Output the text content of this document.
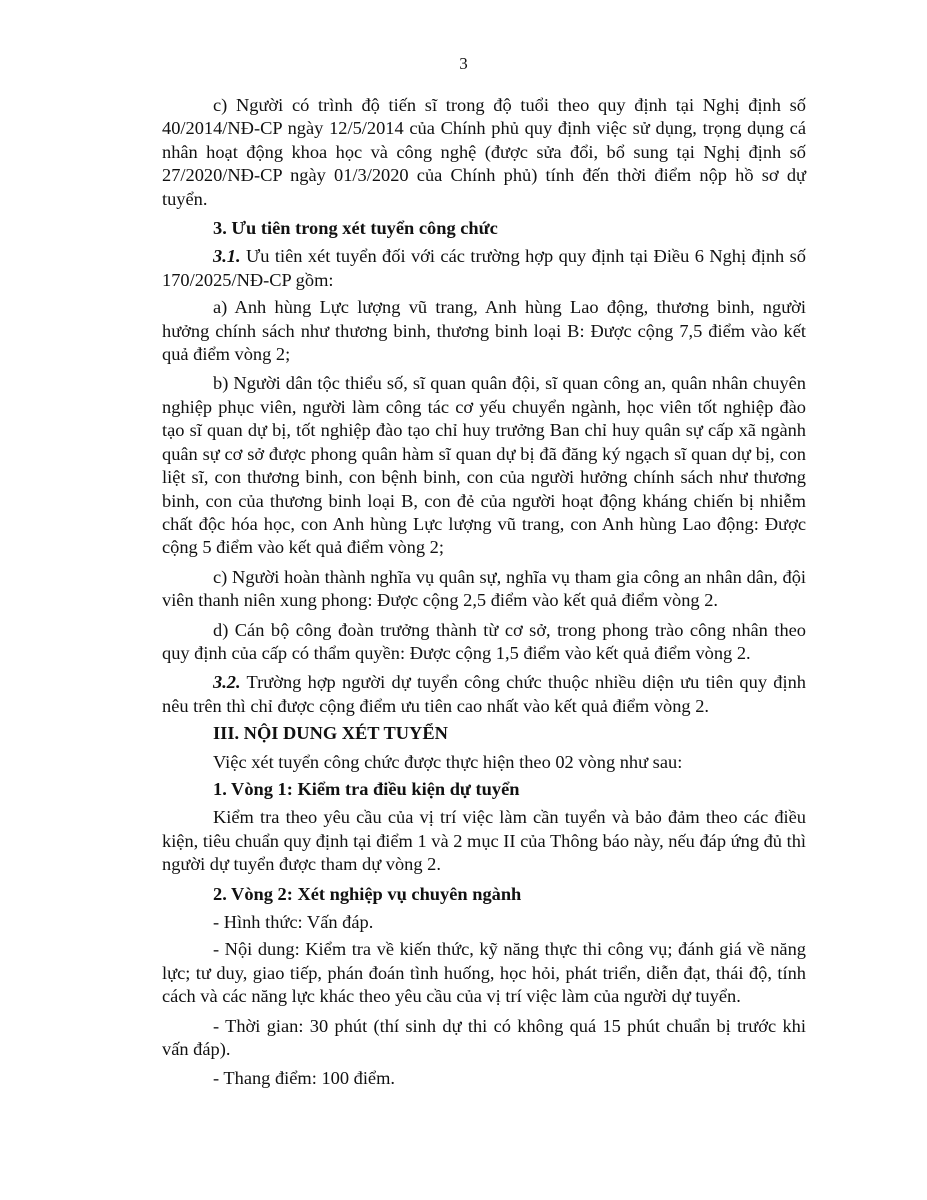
3

c) Người có trình độ tiến sĩ trong độ tuổi theo quy định tại Nghị định số 40/2014/NĐ-CP ngày 12/5/2014 của Chính phủ quy định việc sử dụng, trọng dụng cá nhân hoạt động khoa học và công nghệ (được sửa đổi, bổ sung tại Nghị định số 27/2020/NĐ-CP ngày 01/3/2020 của Chính phủ) tính đến thời điểm nộp hồ sơ dự tuyển.

3. Ưu tiên trong xét tuyển công chức

3.1. Ưu tiên xét tuyển đối với các trường hợp quy định tại Điều 6 Nghị định số 170/2025/NĐ-CP gồm:

a) Anh hùng Lực lượng vũ trang, Anh hùng Lao động, thương binh, người hưởng chính sách như thương binh, thương binh loại B: Được cộng 7,5 điểm vào kết quả điểm vòng 2;

b) Người dân tộc thiểu số, sĩ quan quân đội, sĩ quan công an, quân nhân chuyên nghiệp phục viên, người làm công tác cơ yếu chuyển ngành, học viên tốt nghiệp đào tạo sĩ quan dự bị, tốt nghiệp đào tạo chỉ huy trưởng Ban chỉ huy quân sự cấp xã ngành quân sự cơ sở được phong quân hàm sĩ quan dự bị đã đăng ký ngạch sĩ quan dự bị, con liệt sĩ, con thương binh, con bệnh binh, con của người hưởng chính sách như thương binh, con của thương binh loại B, con đẻ của người hoạt động kháng chiến bị nhiễm chất độc hóa học, con Anh hùng Lực lượng vũ trang, con Anh hùng Lao động: Được cộng 5 điểm vào kết quả điểm vòng 2;

c) Người hoàn thành nghĩa vụ quân sự, nghĩa vụ tham gia công an nhân dân, đội viên thanh niên xung phong: Được cộng 2,5 điểm vào kết quả điểm vòng 2.

d) Cán bộ công đoàn trưởng thành từ cơ sở, trong phong trào công nhân theo quy định của cấp có thẩm quyền: Được cộng 1,5 điểm vào kết quả điểm vòng 2.

3.2. Trường hợp người dự tuyển công chức thuộc nhiều diện ưu tiên quy định nêu trên thì chỉ được cộng điểm ưu tiên cao nhất vào kết quả điểm vòng 2.

III. NỘI DUNG XÉT TUYỂN

Việc xét tuyển công chức được thực hiện theo 02 vòng như sau:

1. Vòng 1: Kiểm tra điều kiện dự tuyển

Kiểm tra theo yêu cầu của vị trí việc làm cần tuyển và bảo đảm theo các điều kiện, tiêu chuẩn quy định tại điểm 1 và 2 mục II của Thông báo này, nếu đáp ứng đủ thì người dự tuyển được tham dự vòng 2.

2. Vòng 2: Xét nghiệp vụ chuyên ngành

- Hình thức: Vấn đáp.

- Nội dung: Kiểm tra về kiến thức, kỹ năng thực thi công vụ; đánh giá về năng lực; tư duy, giao tiếp, phán đoán tình huống, học hỏi, phát triển, diễn đạt, thái độ, tính cách và các năng lực khác theo yêu cầu của vị trí việc làm của người dự tuyển.

- Thời gian: 30 phút (thí sinh dự thi có không quá 15 phút chuẩn bị trước khi vấn đáp).

- Thang điểm: 100 điểm.
